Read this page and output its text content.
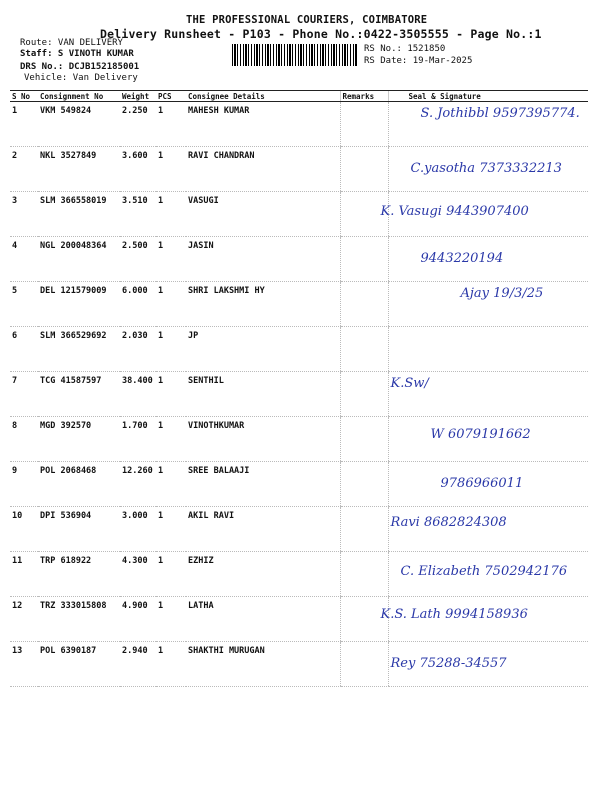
THE PROFESSIONAL COURIERS, COIMBATORE
Delivery Runsheet - P103 - Phone No.:0422-3505555 - Page No.:1
Route: VAN DELIVERY
Staff: S VINOTH KUMAR
DRS No.: DCJB152185001
Vehicle: Van Delivery
RS No.: 1521850
RS Date: 19-Mar-2025
S No	Consignment No	Weight	PCS	Consignee Details	Remarks	Seal & Signature
1	VKM 549824	2.250	1	MAHESH KUMAR		S. Jothibbl 9597395774.
2	NKL 3527849	3.600	1	RAVI CHANDRAN		C.yasotha 7373332213
3	SLM 366558019	3.510	1	VASUGI		K. Vasugi 9443907400
4	NGL 200048364	2.500	1	JASIN		9443220194
5	DEL 121579009	6.000	1	SHRI LAKSHMI HY		Ajay 19/3/25
6	SLM 366529692	2.030	1	JP		
7	TCG 41587597	38.400	1	SENTHIL		K.Sw/
8	MGD 392570	1.700	1	VINOTHKUMAR		W 6079191662
9	POL 2068468	12.260	1	SREE BALAAJI		9786966011
10	DPI 536904	3.000	1	AKIL RAVI		Ravi 8682824308
11	TRP 618922	4.300	1	EZHIZ		C. Elizabeth 7502942176
12	TRZ 333015808	4.900	1	LATHA		K.S. Lath 9994158936
13	POL 6390187	2.940	1	SHAKTHI MURUGAN		Rey 75288-34557
